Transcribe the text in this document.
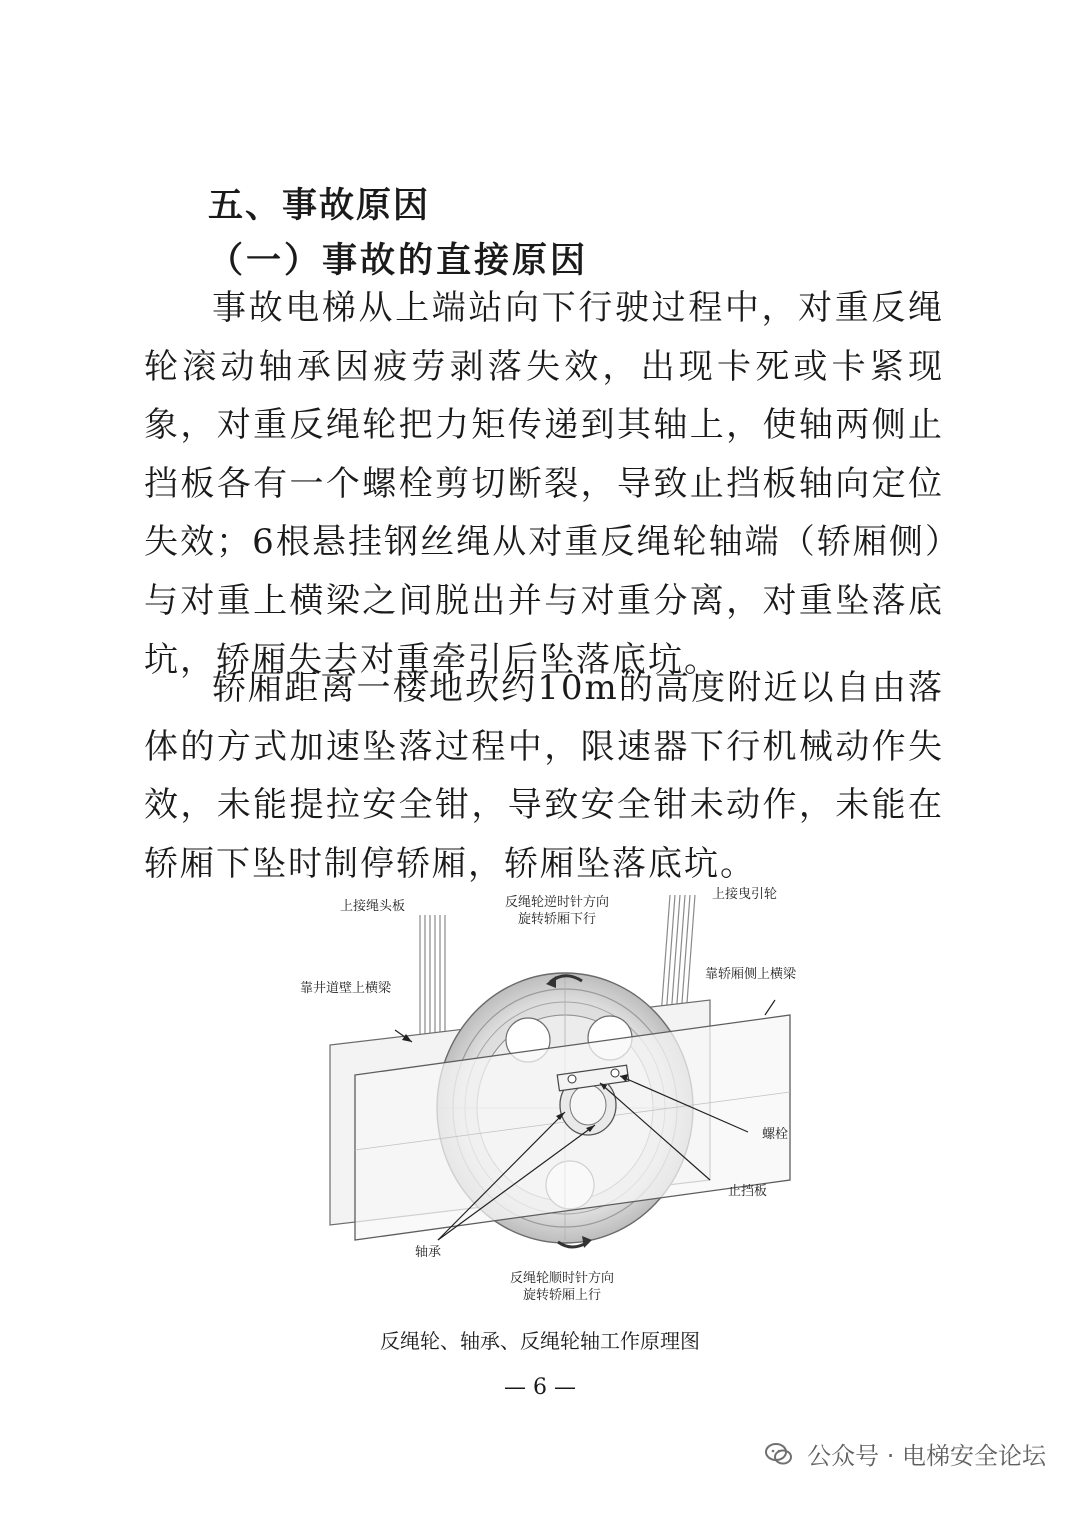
五、事故原因
（一）事故的直接原因

事故电梯从上端站向下行驶过程中，对重反绳轮滚动轴承因疲劳剥落失效，出现卡死或卡紧现象，对重反绳轮把力矩传递到其轴上，使轴两侧止挡板各有一个螺栓剪切断裂，导致止挡板轴向定位失效；6根悬挂钢丝绳从对重反绳轮轴端（轿厢侧）与对重上横梁之间脱出并与对重分离，对重坠落底坑，轿厢失去对重牵引后坠落底坑。

轿厢距离一楼地坎约10m的高度附近以自由落体的方式加速坠落过程中，限速器下行机械动作失效，未能提拉安全钳，导致安全钳未动作，未能在轿厢下坠时制停轿厢，轿厢坠落底坑。

上接绳头板	反绳轮逆时针方向
旋转轿厢下行
上接曳引轮
靠井道壁上横梁
靠轿厢侧上横梁
螺栓
止挡板
轴承
反绳轮顺时针方向
旋转轿厢上行
反绳轮、轴承、反绳轮轴工作原理图
— 6 —
公众号 · 电梯安全论坛
